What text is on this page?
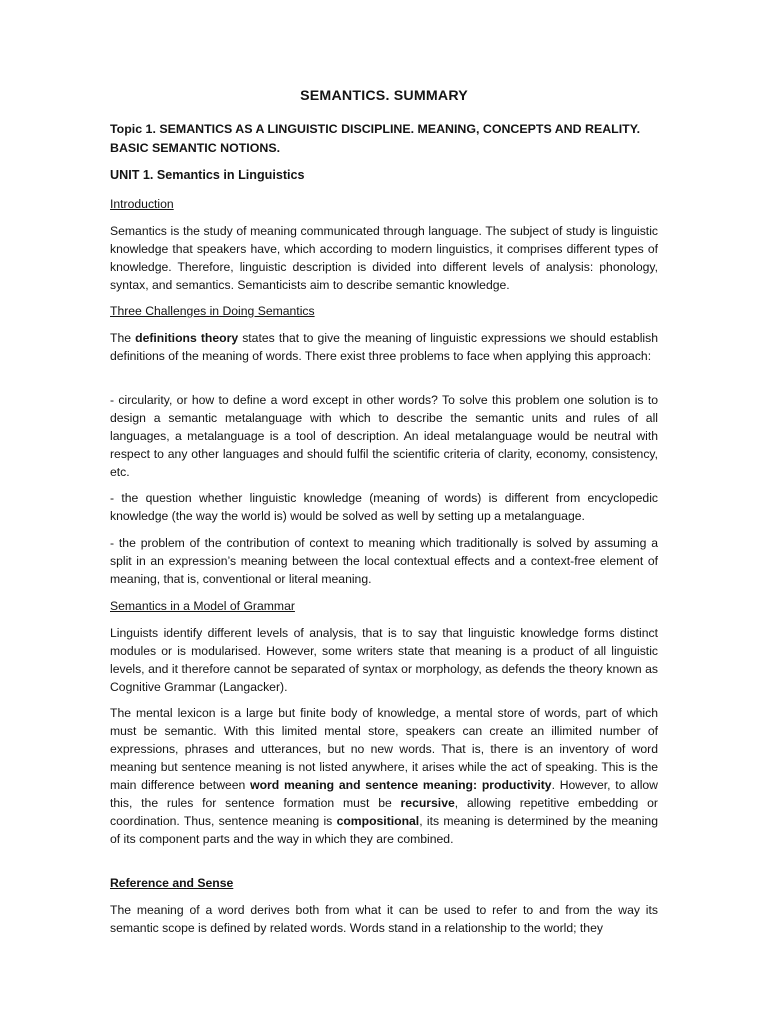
SEMANTICS. SUMMARY
Topic 1. SEMANTICS AS A LINGUISTIC DISCIPLINE. MEANING, CONCEPTS AND REALITY. BASIC SEMANTIC NOTIONS.
UNIT 1. Semantics in Linguistics
Introduction
Semantics is the study of meaning communicated through language. The subject of study is linguistic knowledge that speakers have, which according to modern linguistics, it comprises different types of knowledge. Therefore, linguistic description is divided into different levels of analysis: phonology, syntax, and semantics. Semanticists aim to describe semantic knowledge.
Three Challenges in Doing Semantics
The definitions theory states that to give the meaning of linguistic expressions we should establish definitions of the meaning of words. There exist three problems to face when applying this approach:
- circularity, or how to define a word except in other words? To solve this problem one solution is to design a semantic metalanguage with which to describe the semantic units and rules of all languages, a metalanguage is a tool of description. An ideal metalanguage would be neutral with respect to any other languages and should fulfil the scientific criteria of clarity, economy, consistency, etc.
- the question whether linguistic knowledge (meaning of words) is different from encyclopedic knowledge (the way the world is) would be solved as well by setting up a metalanguage.
- the problem of the contribution of context to meaning which traditionally is solved by assuming a split in an expression’s meaning between the local contextual effects and a context-free element of meaning, that is, conventional or literal meaning.
Semantics in a Model of Grammar
Linguists identify different levels of analysis, that is to say that linguistic knowledge forms distinct modules or is modularised. However, some writers state that meaning is a product of all linguistic levels, and it therefore cannot be separated of syntax or morphology, as defends the theory known as Cognitive Grammar (Langacker).
The mental lexicon is a large but finite body of knowledge, a mental store of words, part of which must be semantic. With this limited mental store, speakers can create an illimited number of expressions, phrases and utterances, but no new words. That is, there is an inventory of word meaning but sentence meaning is not listed anywhere, it arises while the act of speaking. This is the main difference between word meaning and sentence meaning: productivity. However, to allow this, the rules for sentence formation must be recursive, allowing repetitive embedding or coordination. Thus, sentence meaning is compositional, its meaning is determined by the meaning of its component parts and the way in which they are combined.
Reference and Sense
The meaning of a word derives both from what it can be used to refer to and from the way its semantic scope is defined by related words. Words stand in a relationship to the world; they
